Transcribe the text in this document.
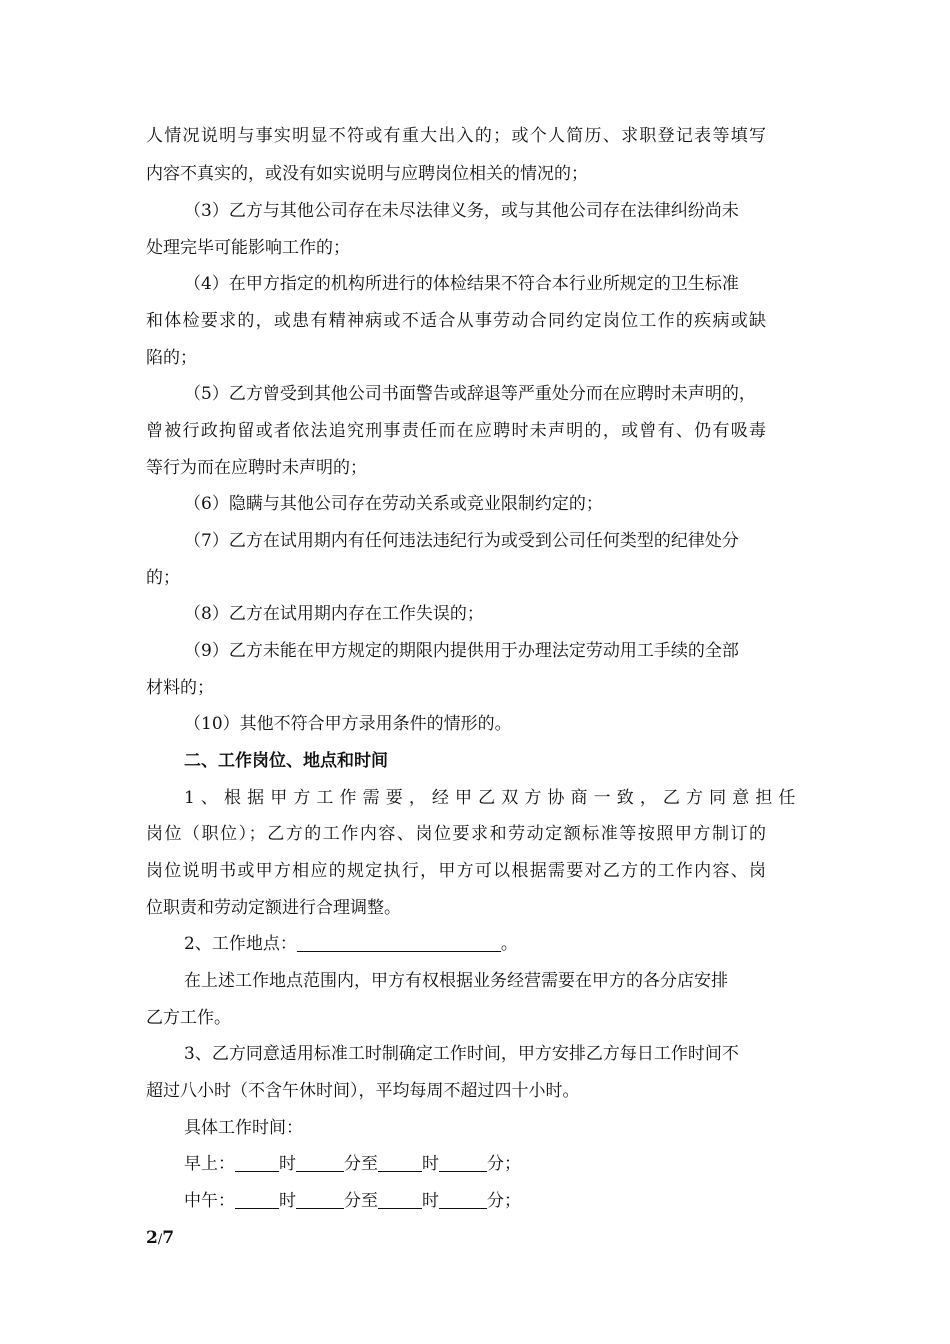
人情况说明与事实明显不符或有重大出入的；或个人简历、求职登记表等填写
内容不真实的，或没有如实说明与应聘岗位相关的情况的；
（3）乙方与其他公司存在未尽法律义务，或与其他公司存在法律纠纷尚未
处理完毕可能影响工作的；
（4）在甲方指定的机构所进行的体检结果不符合本行业所规定的卫生标准
和体检要求的，或患有精神病或不适合从事劳动合同约定岗位工作的疾病或缺
陷的；
（5）乙方曾受到其他公司书面警告或辞退等严重处分而在应聘时未声明的，
曾被行政拘留或者依法追究刑事责任而在应聘时未声明的，或曾有、仍有吸毒
等行为而在应聘时未声明的；
（6）隐瞒与其他公司存在劳动关系或竞业限制约定的；
（7）乙方在试用期内有任何违法违纪行为或受到公司任何类型的纪律处分
的；
（8）乙方在试用期内存在工作失误的；
（9）乙方未能在甲方规定的期限内提供用于办理法定劳动用工手续的全部
材料的；
（10）其他不符合甲方录用条件的情形的。
二、工作岗位、地点和时间
1、根据甲方工作需要，经甲乙双方协商一致，乙方同意担任
岗位（职位）；乙方的工作内容、岗位要求和劳动定额标准等按照甲方制订的
岗位说明书或甲方相应的规定执行，甲方可以根据需要对乙方的工作内容、岗
位职责和劳动定额进行合理调整。
2、工作地点：	。
在上述工作地点范围内，甲方有权根据业务经营需要在甲方的各分店安排
乙方工作。
3、乙方同意适用标准工时制确定工作时间，甲方安排乙方每日工作时间不
超过八小时（不含午休时间），平均每周不超过四十小时。
具体工作时间：
早上：	时	分至	时	分；
中午：	时	分至	时	分；
2/7
